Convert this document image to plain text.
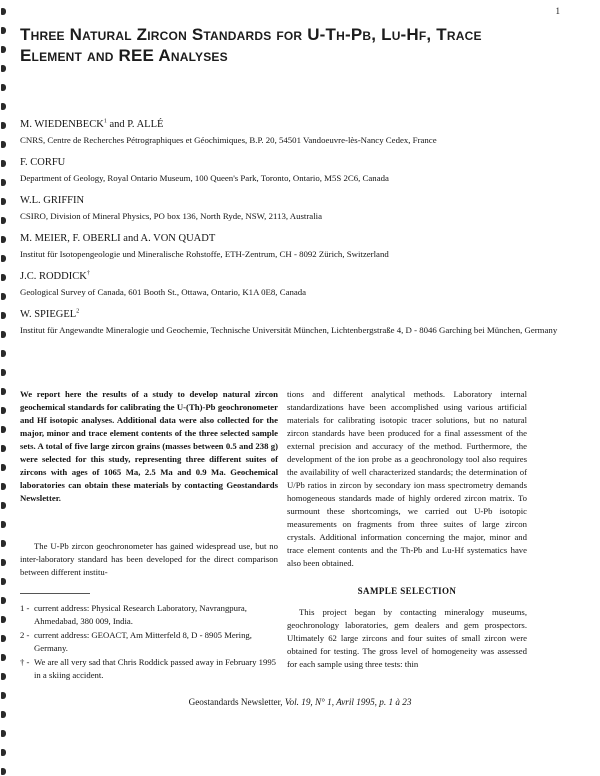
1
Three Natural Zircon Standards for U-Th-Pb, Lu-Hf, Trace Element and REE Analyses
M. WIEDENBECK$^1$ and P. ALLÉ
CNRS, Centre de Recherches Pétrographiques et Géochimiques, B.P. 20, 54501 Vandoeuvre-lès-Nancy Cedex, France
F. CORFU
Department of Geology, Royal Ontario Museum, 100 Queen's Park, Toronto, Ontario, M5S 2C6, Canada
W.L. GRIFFIN
CSIRO, Division of Mineral Physics, PO box 136, North Ryde, NSW, 2113, Australia
M. MEIER, F. OBERLI and A. VON QUADT
Institut für Isotopengeologie und Mineralische Rohstoffe, ETH-Zentrum, CH - 8092 Zürich, Switzerland
J.C. RODDICK†
Geological Survey of Canada, 601 Booth St., Ottawa, Ontario, K1A 0E8, Canada
W. SPIEGEL$^2$
Institut für Angewandte Mineralogie und Geochemie, Technische Universität München, Lichtenbergstraße 4, D - 8046 Garching bei München, Germany

We report here the results of a study to develop natural zircon geochemical standards for calibrating the U-(Th)-Pb geochronometer and Hf isotopic analyses. Additional data were also collected for the major, minor and trace element contents of the three selected sample sets. A total of five large zircon grains (masses between 0.5 and 238 g) were selected for this study, representing three different suites of zircons with ages of 1065 Ma, 2.5 Ma and 0.9 Ma. Geochemical laboratories can obtain these materials by contacting Geostandards Newsletter.

The U-Pb zircon geochronometer has gained widespread use, but no inter-laboratory standard has been developed for the direct comparison between different institu-

tions and different analytical methods. Laboratory internal standardizations have been accomplished using various artificial materials for calibrating isotopic tracer solutions, but no natural zircon standards have been produced for a final assessment of the external precision and accuracy of the method. Furthermore, the development of the ion probe as a geochronology tool also requires the availability of well characterized standards; the determination of U/Pb ratios in zircon by secondary ion mass spectrometry demands homogeneous standards made of highly ordered zircon matrix. To surmount these shortcomings, we carried out U-Pb isotopic measurements on fragments from three suites of large zircon crystals. Additional information concerning the major, minor and trace element contents and the Th-Pb and Lu-Hf systematics have also been obtained.

SAMPLE SELECTION

This project began by contacting mineralogy museums, geochronology laboratories, gem dealers and gem prospectors. Ultimately 62 large zircons and four suites of small zircon were obtained for testing. The gross level of homogeneity was assessed for each sample using three tests: thin

1 - current address: Physical Research Laboratory, Navrangpura, Ahmedabad, 380 009, India.

2 - current address: GEOACT, Am Mitterfeld 8, D - 8905 Mering, Germany.

† - We are all very sad that Chris Roddick passed away in February 1995 in a skiing accident.

Geostandards Newsletter, Vol. 19, N° 1, Avril 1995, p. 1 à 23
